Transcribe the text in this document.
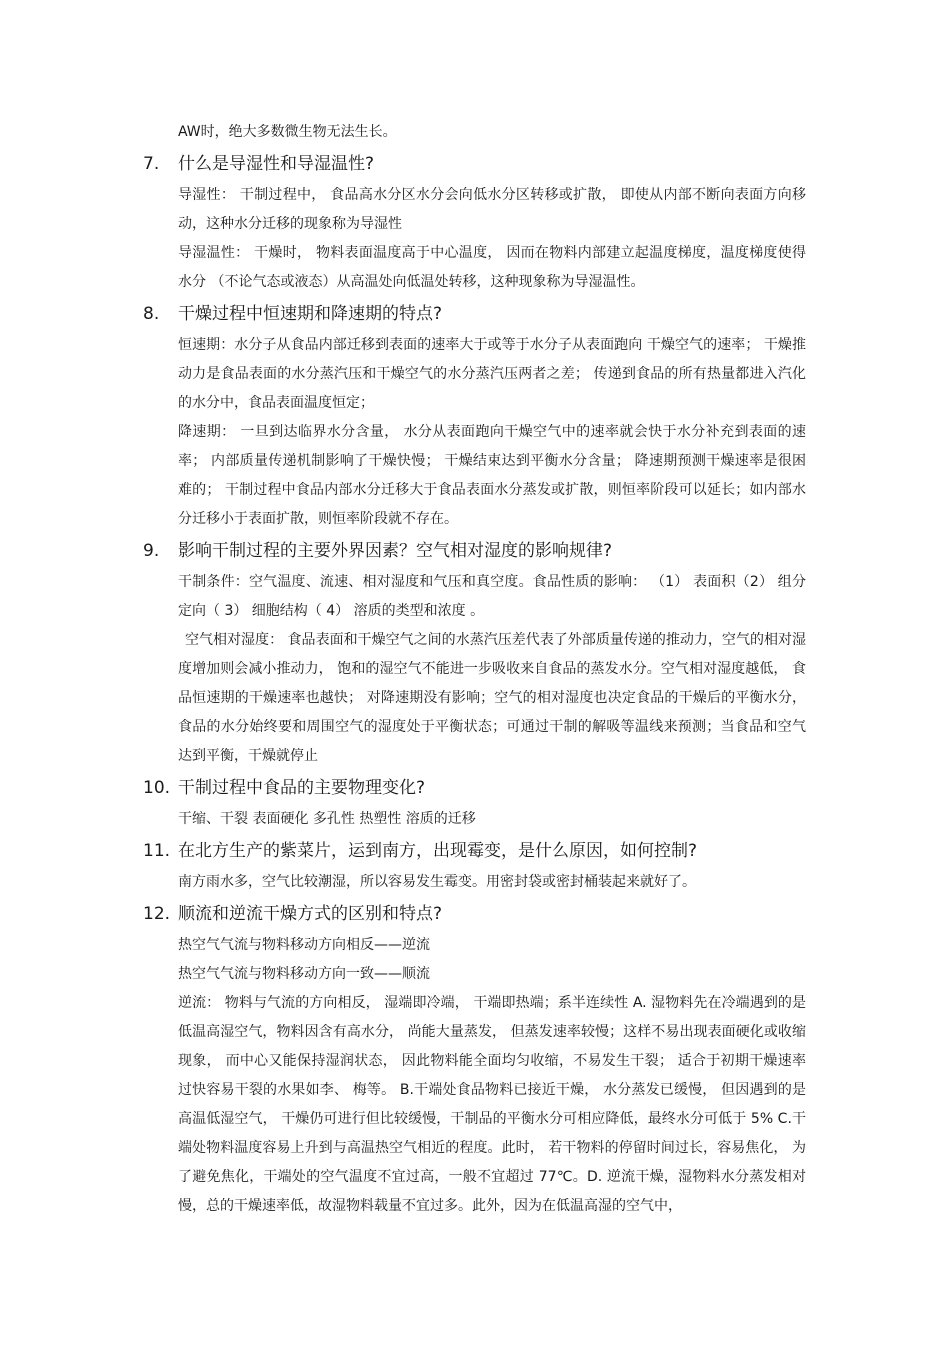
AW时，绝大多数微生物无法生长。
7. 什么是导湿性和导湿温性?
导湿性： 干制过程中， 食品高水分区水分会向低水分区转移或扩散， 即使从内部不断向表面方向移动，这种水分迁移的现象称为导湿性
导湿温性： 干燥时， 物料表面温度高于中心温度， 因而在物料内部建立起温度梯度，温度梯度使得水分 （不论气态或液态）从高温处向低温处转移，这种现象称为导湿温性。
8. 干燥过程中恒速期和降速期的特点?
恒速期：水分子从食品内部迁移到表面的速率大于或等于水分子从表面跑向 干燥空气的速率； 干燥推动力是食品表面的水分蒸汽压和干燥空气的水分蒸汽压两者之差； 传递到食品的所有热量都进入汽化的水分中，食品表面温度恒定；
降速期： 一旦到达临界水分含量， 水分从表面跑向干燥空气中的速率就会快于水分补充到表面的速率； 内部质量传递机制影响了干燥快慢； 干燥结束达到平衡水分含量； 降速期预测干燥速率是很困难的； 干制过程中食品内部水分迁移大于食品表面水分蒸发或扩散，则恒率阶段可以延长；如内部水分迁移小于表面扩散，则恒率阶段就不存在。
9. 影响干制过程的主要外界因素？空气相对湿度的影响规律?
干制条件：空气温度、流速、相对湿度和气压和真空度。食品性质的影响： （1） 表面积（2） 组分定向（ 3） 细胞结构（ 4） 溶质的类型和浓度 。
空气相对湿度： 食品表面和干燥空气之间的水蒸汽压差代表了外部质量传递的推动力，空气的相对湿度增加则会减小推动力， 饱和的湿空气不能进一步吸收来自食品的蒸发水分。空气相对湿度越低， 食品恒速期的干燥速率也越快； 对降速期没有影响；空气的相对湿度也决定食品的干燥后的平衡水分， 食品的水分始终要和周围空气的湿度处于平衡状态；可通过干制的解吸等温线来预测；当食品和空气达到平衡，干燥就停止
10. 干制过程中食品的主要物理变化?
干缩、干裂 表面硬化 多孔性 热塑性 溶质的迁移
11. 在北方生产的紫菜片，运到南方，出现霉变，是什么原因，如何控制?
南方雨水多，空气比较潮湿，所以容易发生霉变。用密封袋或密封桶装起来就好了。
12. 顺流和逆流干燥方式的区别和特点?
热空气气流与物料移动方向相反——逆流
热空气气流与物料移动方向一致——顺流
逆流： 物料与气流的方向相反， 湿端即冷端， 干端即热端；系半连续性 A. 湿物料先在冷端遇到的是低温高湿空气，物料因含有高水分， 尚能大量蒸发， 但蒸发速率较慢；这样不易出现表面硬化或收缩现象， 而中心又能保持湿润状态， 因此物料能全面均匀收缩，不易发生干裂； 适合于初期干燥速率过快容易干裂的水果如李、 梅等。 B.干端处食品物料已接近干燥， 水分蒸发已缓慢， 但因遇到的是高温低湿空气， 干燥仍可进行但比较缓慢，干制品的平衡水分可相应降低，最终水分可低于 5% C.干端处物料温度容易上升到与高温热空气相近的程度。此时， 若干物料的停留时间过长，容易焦化， 为了避免焦化，干端处的空气温度不宜过高，一般不宜超过 77℃。D. 逆流干燥，湿物料水分蒸发相对慢，总的干燥速率低，故湿物料载量不宜过多。此外，因为在低温高湿的空气中，
